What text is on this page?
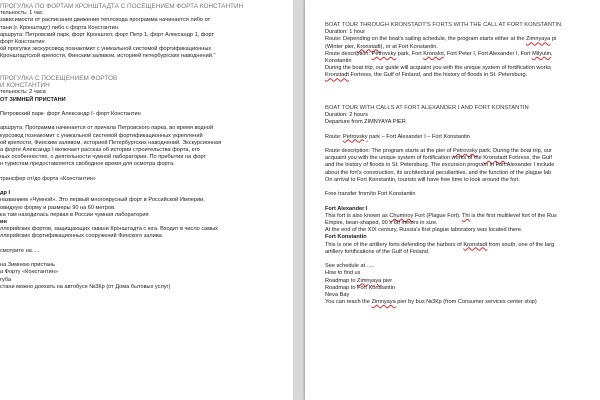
ПРОГУЛКА ПО ФОРТАМ КРОНШТАДТА С ПОСЕЩЕНИЕМ ФОРТА КОНСТАНТИН
тельность: 1 час
зависимости от расписания движения теплохода программа начинается либо от
тани (г. Кронштадт) либо с форта Константин.
аршрута: Петровский парк, форт Кроншлот, форт Петр 1, форт Александр 1, форт
форт Константин
ой прогулки экскурсовод познакомит с уникальной системой фортификационных
Кронштадтской крепости, Финским заливом, историей петербургских наводнений."
ПРОГУЛКА С ПОСЕЩЕНИЕМ ФОРТОВ
И КОНСТАНТИН
тельность: 2 часа
ОТ ЗИМНЕЙ ПРИСТАНИ
Петровский парк- форт Александр I- форт Константин
аршрута: Программа начинается от причала Петровского парка, во время водной
курсовод познакомит с уникальной системой фортификационных укреплений
ой крепости, Финским заливом, историей Петербургских наводнений. Экскурсионная
а форте Александр I включает рассказ об истории строительства форта, его
ных особенностях, о деятельности чумной лаборатории. По прибытии на форт
н туристам предоставляется свободное время для осмотра форта.
трансфер от/до форта «Константин»
др I
названием «Чумной». Это первый многоярусный форт в Российской Империи,
овидную форму и размеры 90 на 60 метров.
ка там находилась первая в России чумная лаборатория
ин
ллерийских фортов, защищающих гавани Кронштадта с юга. Входит в число самых
ллерийских фортификационных сооружений Финского залива.
смотрите на.....
на Зимнюю пристань
а Форту «Константин»
губа
стани можно доехать на автобусе №3Кр (от Дома бытовых услуг)
BOAT TOUR THROUGH KRONSTADT'S FORTS WITH THE CALL AT FORT KONSTANTIN
Duration: 1 hour
Route: Depending on the boat's sailing schedule, the program starts either at the Zimnyaya pi
(Winter pier, Kronstadt), or at Fort Konstantin.
Route description: Petrovsky park, Fort Kronslot, Fort Peter I, Fort Alexander I, Fort Milyutin,
Konstantin
During the boat trip, our guide will acquaint you with the unique system of fortification works
Kronstadt Fortress, the Gulf of Finland, and the history of floods in St. Petersburg.
BOAT TOUR WITH CALLS AT FORT ALEXANDER I AND FORT KONSTANTIN
Duration: 2 hours
Departure from ZIMNYAYA PIER
Route: Petrovsky park – Fort Alexander I – Fort Konstantin
Route description: The program starts at the pier of Petrovsky park. During the boat trip, our
acquaint you with the unique system of fortification works of the Kronstadt Fortress, the Gulf
and the history of floods in St. Petersburg. The excursion program in Fort Alexander I include
about the fort's construction, its architectural peculiarities, and the function of the plague lab
On arrival to Fort Konstantin, tourists will have free time to look around the fort.
Free transfer from/to Fort Konstantin
Fort Alexander I
This fort is also known as Chumnoy Fort (Plague Fort). Thi is the first multilevel fort of the Rus
Empire, bean-shaped, 90 x 60 meters in size.
At the end of the XIX century, Russia's first plague laboratory was located there.
Fort Konstantin
This is one of the artillery forts defending the harbors of Kronstadt from south, one of the larg
artillery fortifications of the Gulf of Finland.
See schedule at .....
How to find us
Roadmap to Zimnyaya pier
Roadmap to Fort Konstantin
Neva Bay
You can reach the Zimnyaya pier by bus №3Кр (from Consumer services center stop)
